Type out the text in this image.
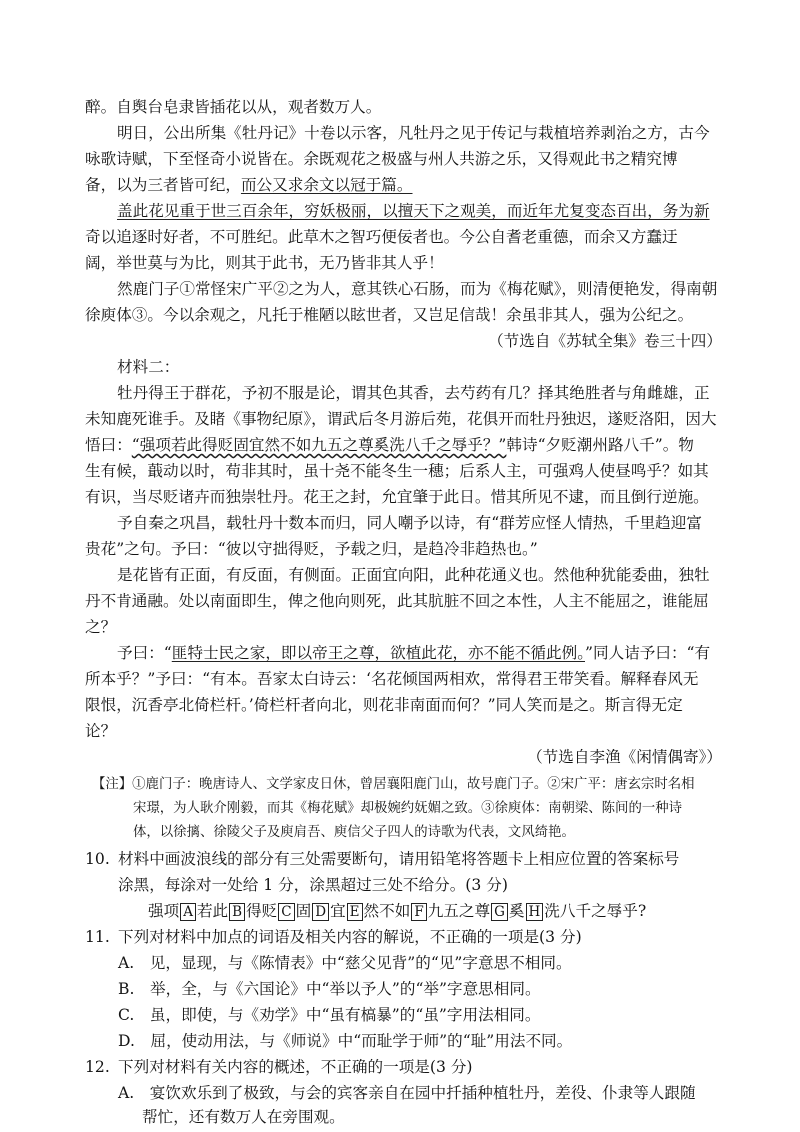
醉。自舆台皂隶皆插花以从，观者数万人。
明日，公出所集《牡丹记》十卷以示客，凡牡丹之见于传记与栽植培养剥治之方，古今
咏歌诗赋，下至怪奇小说皆在。余既观花之极盛与州人共游之乐，又得观此书之精究博
备，以为三者皆可纪，而公又求余文以冠于篇。
盖此花见重于世三百余年，穷妖极丽，以擅天下之观美，而近年尤复变态百出，务为新
奇以追逐时好者，不可胜纪。此草木之智巧便佞者也。今公自耆老重德，而余又方蠢迂
阔，举世莫与为比，则其于此书，无乃皆非其人乎！
然鹿门子①常怪宋广平②之为人，意其铁心石肠，而为《梅花赋》，则清便艳发，得南朝
徐庾体③。今以余观之，凡托于椎陋以眩世者，又岂足信哉！余虽非其人，强为公纪之。
（节选自《苏轼全集》卷三十四）
材料二：
牡丹得王于群花，予初不服是论，谓其色其香，去芍药有几？择其绝胜者与角雌雄，正
未知鹿死谁手。及睹《事物纪原》，谓武后冬月游后苑，花俱开而牡丹独迟，遂贬洛阳，因大
悟曰：“强项若此得贬固宜然不如九五之尊奚洗八千之辱乎？”韩诗“夕贬潮州路八千”。物
生有候，蕺动以时，苟非其时，虽十尧不能冬生一穗；后系人主，可强鸡人使昼鸣乎？如其
有识，当尽贬诸卉而独崇牡丹。花王之封，允宜肇于此日。惜其所见不逮，而且倒行逆施。
予自秦之巩昌，载牡丹十数本而归，同人嘲予以诗，有“群芳应怪人情热，千里趋迎富
贵花”之句。予曰：“彼以守拙得贬，予载之归，是趋冷非趋热也。”
是花皆有正面，有反面，有侧面。正面宜向阳，此种花通义也。然他种犹能委曲，独牡
丹不肯通融。处以南面即生，俾之他向则死，此其肮脏不回之本性，人主不能屈之，谁能屈
之？
予曰：“匪特士民之家，即以帝王之尊，欲植此花，亦不能不循此例。”同人诘予曰：“有
所本乎？”予曰：“有本。吾家太白诗云：‘名花倾国两相欢，常得君王带笑看。解释春风无
限恨，沉香亭北倚栏杆。’倚栏杆者向北，则花非南面而何？”同人笑而是之。斯言得无定
论？
（节选自李渔《闲情偶寄》）
【注】①鹿门子：晚唐诗人、文学家皮日休，曾居襄阳鹿门山，故号鹿门子。②宋广平：唐玄宗时名相
宋璟，为人耿介刚毅，而其《梅花赋》却极婉约妩媚之致。③徐庾体：南朝梁、陈间的一种诗
体，以徐摛、徐陵父子及庾肩吾、庾信父子四人的诗歌为代表，文风绮艳。
10. 材料中画波浪线的部分有三处需要断句，请用铅笔将答题卡上相应位置的答案标号
涂黑，每涂对一处给 1 分，涂黑超过三处不给分。(3 分)
强项 A 若此 B 得贬 C 固 D 宜 E 然不如 F 九五之尊 G 奚 H 洗八千之辱乎?
11. 下列对材料中加点的词语及相关内容的解说，不正确的一项是(3 分)
A.　见，显现，与《陈情表》中“慈父见背”的“见”字意思不相同。
B.　举，全，与《六国论》中“举以予人”的“举”字意思相同。
C.　虽，即使，与《劝学》中“虽有槁暴”的“虽”字用法相同。
D.　屈，使动用法，与《师说》中“而耻学于师”的“耻”用法不同。
12. 下列对材料有关内容的概述，不正确的一项是(3 分)
A.　宴饮欢乐到了极致，与会的宾客亲自在园中扦插种植牡丹，差役、仆隶等人跟随
帮忙，还有数万人在旁围观。
